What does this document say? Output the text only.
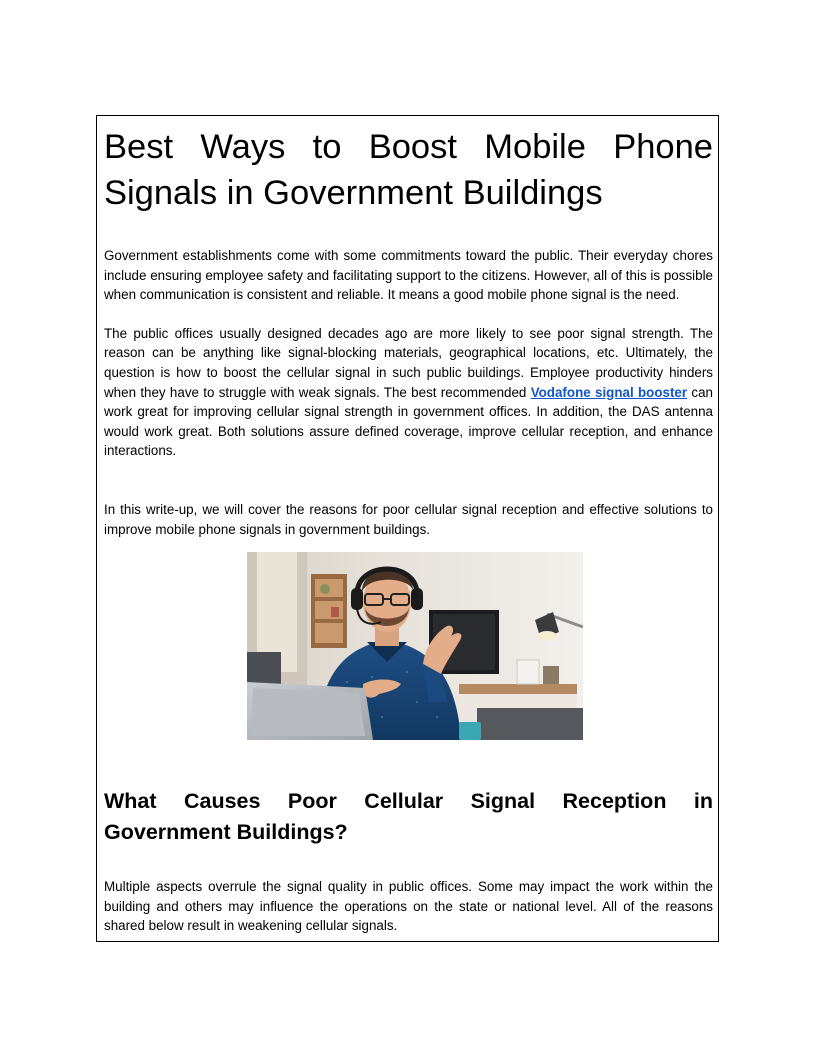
Best Ways to Boost Mobile Phone
Signals in Government Buildings

Government establishments come with some commitments toward the public. Their everyday chores include ensuring employee safety and facilitating support to the citizens. However, all of this is possible when communication is consistent and reliable. It means a good mobile phone signal is the need.

The public offices usually designed decades ago are more likely to see poor signal strength. The reason can be anything like signal-blocking materials, geographical locations, etc. Ultimately, the question is how to boost the cellular signal in such public buildings. Employee productivity hinders when they have to struggle with weak signals. The best recommended Vodafone signal booster can work great for improving cellular signal strength in government offices. In addition, the DAS antenna would work great. Both solutions assure defined coverage, improve cellular reception, and enhance interactions.

In this write-up, we will cover the reasons for poor cellular signal reception and effective solutions to improve mobile phone signals in government buildings.

What Causes Poor Cellular Signal Reception in
Government Buildings?

Multiple aspects overrule the signal quality in public offices. Some may impact the work within the building and others may influence the operations on the state or national level. All of the reasons shared below result in weakening cellular signals.
